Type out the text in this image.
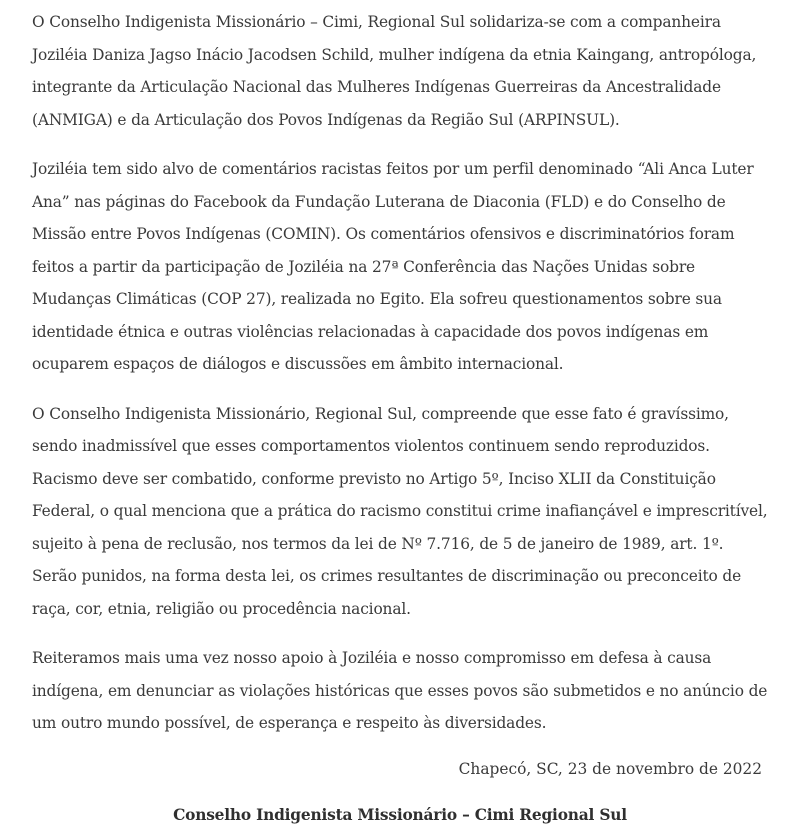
O Conselho Indigenista Missionário – Cimi, Regional Sul solidariza-se com a companheira Joziléia Daniza Jagso Inácio Jacodsen Schild, mulher indígena da etnia Kaingang, antropóloga, integrante da Articulação Nacional das Mulheres Indígenas Guerreiras da Ancestralidade (ANMIGA) e da Articulação dos Povos Indígenas da Região Sul (ARPINSUL).

Joziléia tem sido alvo de comentários racistas feitos por um perfil denominado “Ali Anca Luter Ana” nas páginas do Facebook da Fundação Luterana de Diaconia (FLD) e do Conselho de Missão entre Povos Indígenas (COMIN). Os comentários ofensivos e discriminatórios foram feitos a partir da participação de Joziléia na 27ª Conferência das Nações Unidas sobre Mudanças Climáticas (COP 27), realizada no Egito. Ela sofreu questionamentos sobre sua identidade étnica e outras violências relacionadas à capacidade dos povos indígenas em ocuparem espaços de diálogos e discussões em âmbito internacional.

O Conselho Indigenista Missionário, Regional Sul, compreende que esse fato é gravíssimo, sendo inadmissível que esses comportamentos violentos continuem sendo reproduzidos. Racismo deve ser combatido, conforme previsto no Artigo 5º, Inciso XLII da Constituição Federal, o qual menciona que a prática do racismo constitui crime inafiançável e imprescritível, sujeito à pena de reclusão, nos termos da lei de Nº 7.716, de 5 de janeiro de 1989, art. 1º. Serão punidos, na forma desta lei, os crimes resultantes de discriminação ou preconceito de raça, cor, etnia, religião ou procedência nacional.

Reiteramos mais uma vez nosso apoio à Joziléia e nosso compromisso em defesa à causa indígena, em denunciar as violações históricas que esses povos são submetidos e no anúncio de um outro mundo possível, de esperança e respeito às diversidades.

Chapecó, SC, 23 de novembro de 2022

Conselho Indigenista Missionário – Cimi Regional Sul
